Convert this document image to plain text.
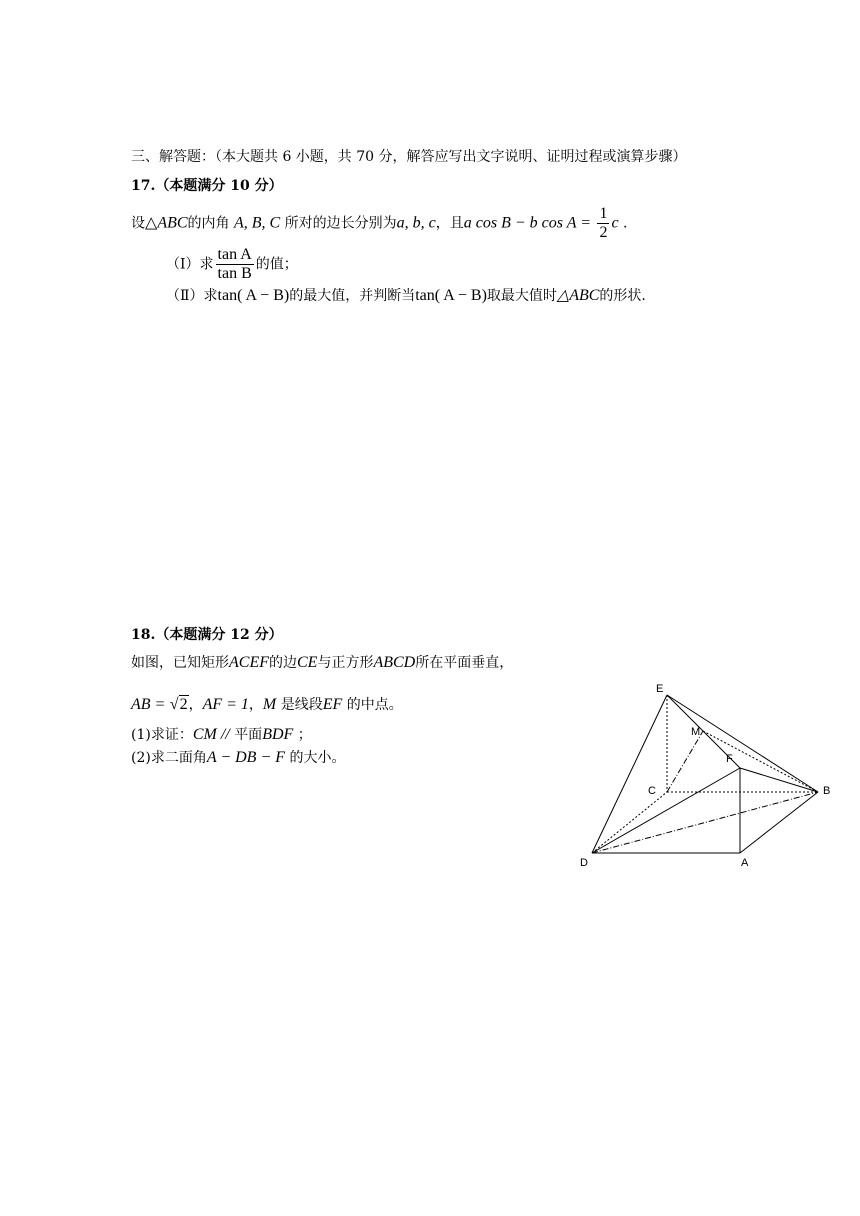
三、解答题：（本大题共 6 小题，共 70 分，解答应写出文字说明、证明过程或演算步骤）
17.（本题满分 10 分）
设△ABC的内角 A, B, C 所对的边长分别为a, b, c，且a cos B − b $\cos A = \frac{1}{2}$ c .
（Ⅰ）求 $\frac{\text{tan A}}{\text{tan B}}$ 的值；
（Ⅱ）求tan( A − B)的最大值，并判断当tan( A − B)取最大值时△ABC的形状.
18.（本题满分 12 分）
如图，已知矩形ACEF的边CE与正方形ABCD所在平面垂直，
AB = √2，AF = 1，M 是线段EF 的中点。
(1)求证：CM // 平面BDF ；
(2)求二面角A − DB − F 的大小。
E
M
F
C	B
D	A
